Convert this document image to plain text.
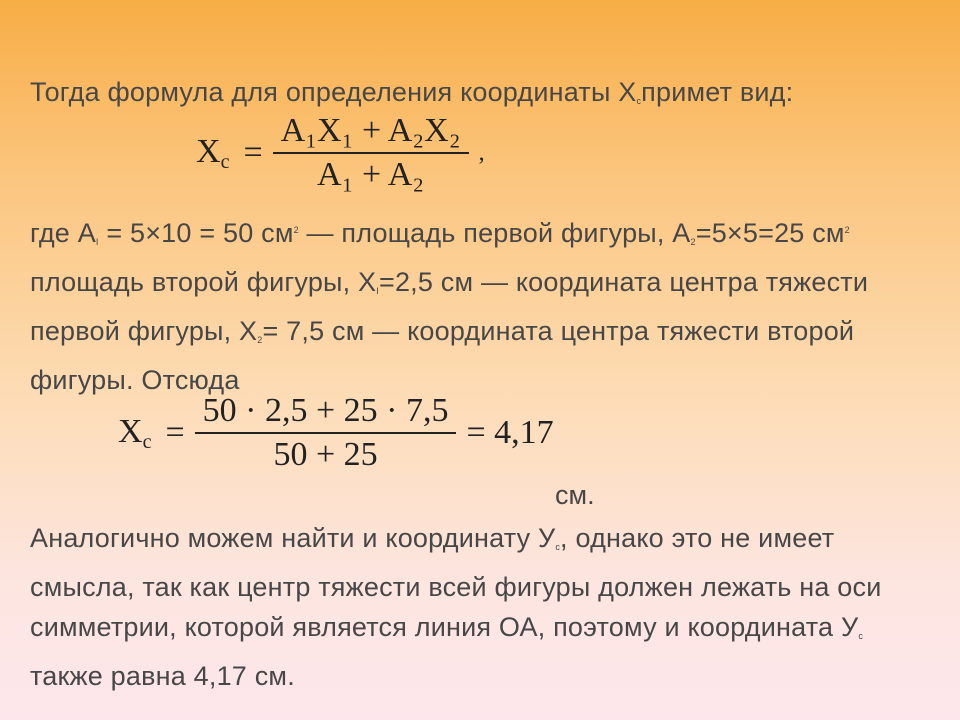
Тогда формула для определения координаты $Х_спримет$ вид:
$Xc = \frac{\text{A₁X₁ + A₂X₂}}{\text{A₁ + A₂}}$ ,
где $А_I = 5\times 10 = 50$ $см^2$ — площадь первой фигуры, $А_2=5\times 5=25$ $см^2$ площадь второй фигуры, $Х_I=2,5$ см — координата центра тяжести первой фигуры, $Х_2= 7,5$ см — координата центра тяжести второй фигуры. Отсюда
$Xc = \frac{50 \cdot 2,5 + 25 \cdot 7,5}{50 + 25} = 4,17$
см.
Аналогично можем найти и координату $У_с$, однако это не имеет смысла, так как центр тяжести всей фигуры должен лежать на оси симметрии, которой является линия ОА, поэтому и координата $У_с$ также равна 4,17 см.
